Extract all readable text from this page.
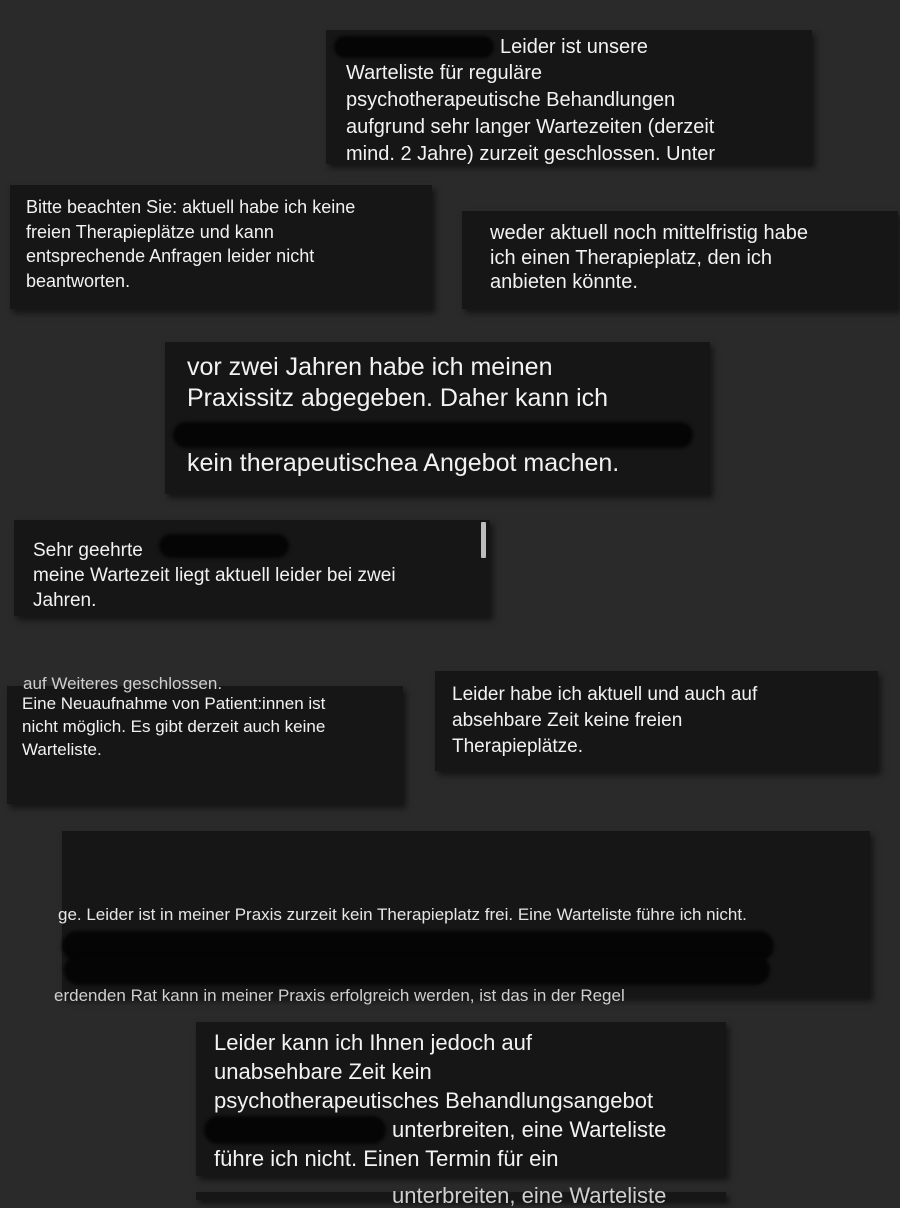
Leider ist unsere

Warteliste für reguläre
psychotherapeutische Behandlungen
aufgrund sehr langer Wartezeiten (derzeit
mind. 2 Jahre) zurzeit geschlossen. Unter

Bitte beachten Sie: aktuell habe ich keine
freien Therapieplätze und kann
entsprechende Anfragen leider nicht
beantworten.

weder aktuell noch mittelfristig habe
ich einen Therapieplatz, den ich
anbieten könnte.

vor zwei Jahren habe ich meinen
Praxissitz abgegeben. Daher kann ich

kein therapeutischea Angebot machen.

Sehr geehrte
meine Wartezeit liegt aktuell leider bei zwei
Jahren.

auf Weiteres geschlossen.

Eine Neuaufnahme von Patient:innen ist
nicht möglich. Es gibt derzeit auch keine
Warteliste.

Leider habe ich aktuell und auch auf
absehbare Zeit keine freien
Therapieplätze.

ge. Leider ist in meiner Praxis zurzeit kein Therapieplatz frei. Eine Warteliste führe ich nicht.
erdenden Rat kann in meiner Praxis erfolgreich werden, ist das in der Regel

Leider kann ich Ihnen jedoch auf
unabsehbare Zeit kein
psychotherapeutisches Behandlungsangebot

unterbreiten, eine Warteliste

führe ich nicht. Einen Termin für ein

unterbreiten, eine Warteliste
